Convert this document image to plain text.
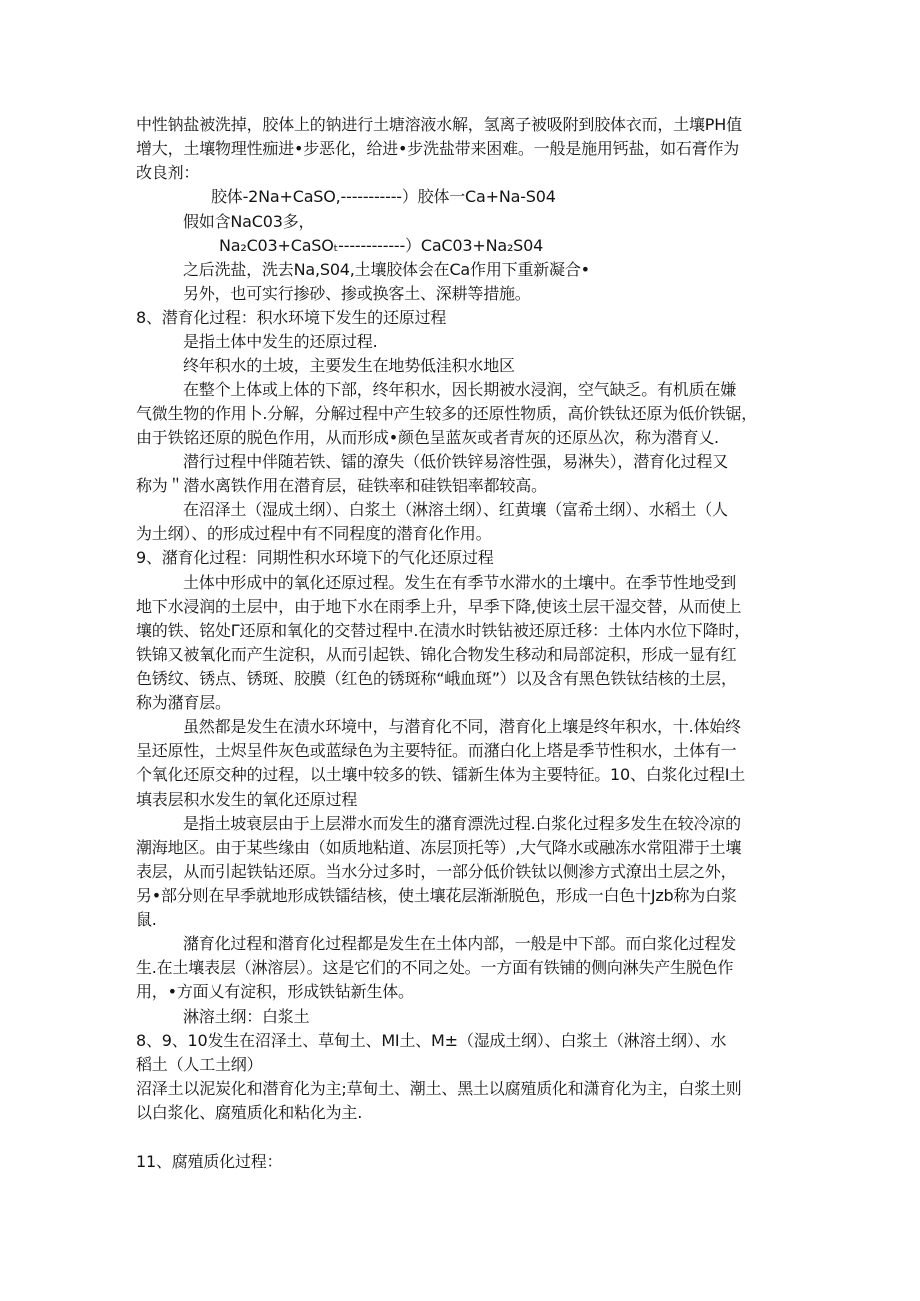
中性钠盐被洗掉，胶体上的钠进行土塘溶液水解，氢离子被吸附到胶体衣而，土壤PH值
增大，土壤物理性痂进•步恶化，给进•步洗盐带来困难。一般是施用钙盐，如石膏作为
改良剂：
胶体-2Na+CaSO,-----------）胶体一Ca+Na-S04
假如含NaC03多，
Na₂C03+CaSOₜ------------）CaC03+Na₂S04
之后洗盐，洗去Na,S04,土壤胶体会在Ca作用下重新凝合•
另外，也可实行掺砂、掺或换客土、深耕等措施。
8、潜育化过程：积水环境下发生的还原过程
是指土体中发生的还原过程.
终年积水的土坡，主要发生在地势低洼积水地区
在整个上体或上体的下部，终年积水，因长期被水浸润，空气缺乏。有机质在嫌
气微生物的作用卜.分解，分解过程中产生较多的还原性物质，高价铁钛还原为低价铁锯，
由于铁铭还原的脱色作用，从而形成•颜色呈蓝灰或者青灰的还原丛次，称为潜育乂.
潜行过程中伴随若铁、镭的潦失（低价铁锌易溶性强，易淋失），潜育化过程又
称为＂潜水离铁作用在潜育层，硅铁率和硅铁铝率都较高。
在沼泽土（湿成土纲）、白浆土（淋溶土纲）、红黄壤（富希土纲）、水稻土（人
为土纲）、的形成过程中有不同程度的潜育化作用。
9、潴育化过程：同期性积水环境下的气化还原过程
土体中形成中的氧化还原过程。发生在有季节水滞水的土壤中。在季节性地受到
地下水浸润的土层中，由于地下水在雨季上升，早季下降,使该土层干湿交替，从而使上
壤的铁、铭处Γ还原和氧化的交替过程中.在渍水时铁钻被还原迁移：土体内水位下降时，
铁锦又被氧化而产生淀积，从而引起铁、锦化合物发生移动和局部淀积，形成一显有红
色锈纹、锈点、锈斑、胶膜（红色的锈斑称“峨血斑”）以及含有黑色铁钛结核的土层，
称为潴育层。
虽然都是发生在渍水环境中，与潜育化不同，潜育化上壤是终年积水，十.体始终
呈还原性，土烬呈件灰色或蓝绿色为主要特征。而潴白化上塔是季节性积水，土体有一
个氧化还原交种的过程，以土壤中较多的铁、镭新生体为主要特征。10、白浆化过程I土
填表层积水发生的氧化还原过程
是指土坡衰层由于上层滞水而发生的潴育漂洗过程.白浆化过程多发生在较冷凉的
潮海地区。由于某些缘由（如质地粘道、冻层顶托等）,大气降水或融冻水常阻滞于土壤
表层，从而引起铁钻还原。当水分过多时，一部分低价铁钛以侧渗方式潦出土层之外，
另•部分则在早季就地形成铁镭结核，使土壤花层渐渐脱色，形成一白色十Jzb称为白浆
鼠.
潴育化过程和潜育化过程都是发生在土体内部，一般是中下部。而白浆化过程发
生.在土壤表层（淋溶层）。这是它们的不同之处。一方面有铁铺的侧向淋失产生脱色作
用，•方面乂有淀积，形成铁钻新生体。
淋溶土纲：白浆土
8、9、10发生在沼泽土、草甸土、MI土、M±（湿成土纲）、白浆土（淋溶土纲）、水
稻土（人工土纲）
沼泽土以泥炭化和潜育化为主;草甸土、潮土、黑土以腐殖质化和潇育化为主，白浆土则
以白浆化、腐殖质化和粘化为主.
11、腐殖质化过程：
